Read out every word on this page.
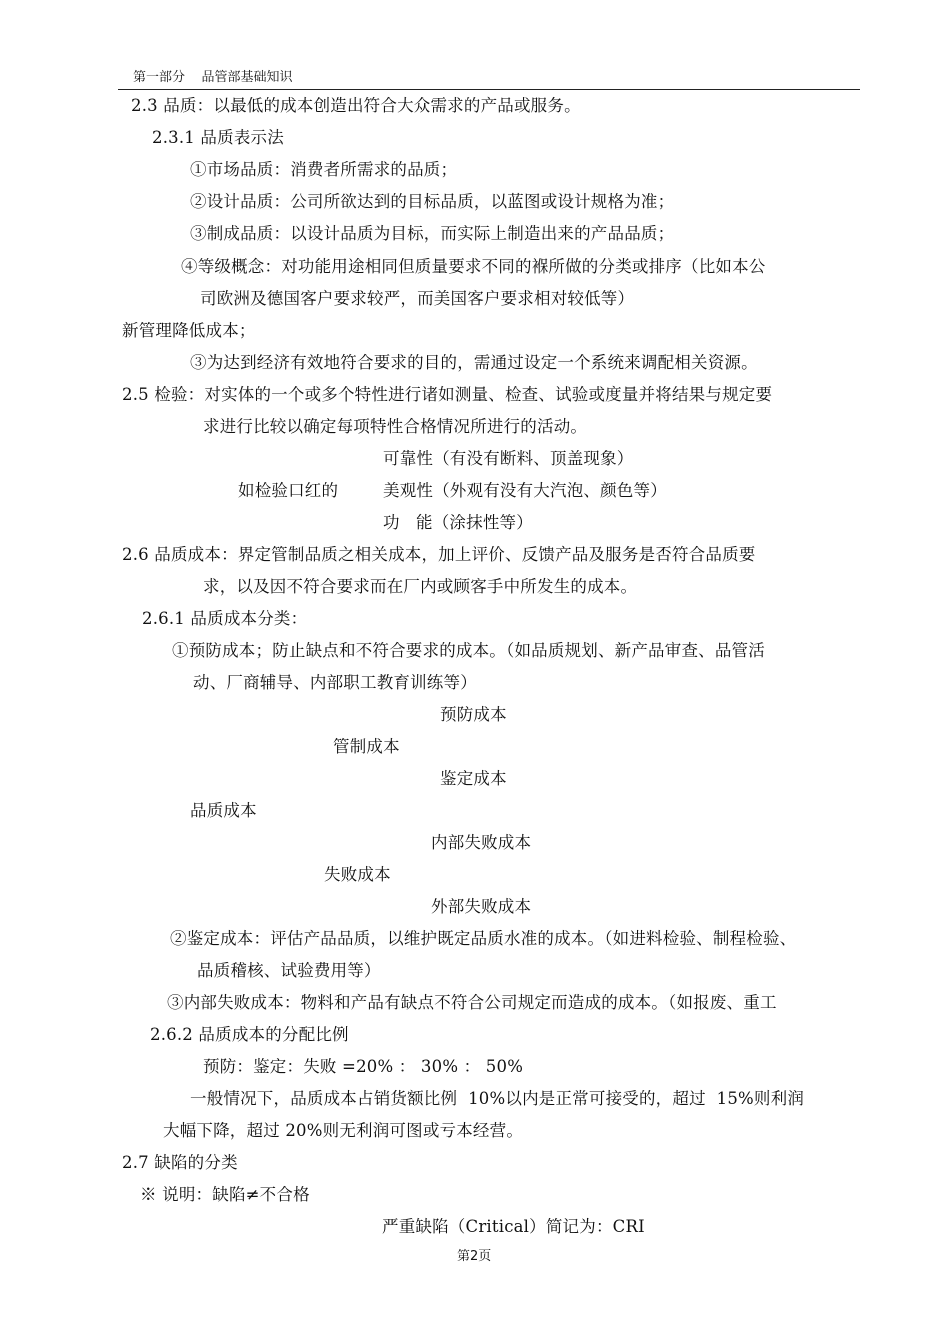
第一部分    品管部基础知识
2.3 品质：以最低的成本创造出符合大众需求的产品或服务。
2.3.1 品质表示法
①市场品质：消费者所需求的品质；
②设计品质：公司所欲达到的目标品质，以蓝图或设计规格为准；
③制成品质：以设计品质为目标，而实际上制造出来的产品品质；
④等级概念：对功能用途相同但质量要求不同的褓所做的分类或排序（比如本公
司欧洲及德国客户要求较严，而美国客户要求相对较低等）
新管理降低成本；
③为达到经济有效地符合要求的目的，需通过设定一个系统来调配相关资源。
2.5 检验：对实体的一个或多个特性进行诸如测量、检查、试验或度量并将结果与规定要
求进行比较以确定每项特性合格情况所进行的活动。
可靠性（有没有断料、顶盖现象）
如检验口红的	美观性（外观有没有大汽泡、颜色等）
功   能（涂抹性等）
2.6 品质成本：界定管制品质之相关成本，加上评价、反馈产品及服务是否符合品质要
求，以及因不符合要求而在厂内或顾客手中所发生的成本。
2.6.1 品质成本分类：
①预防成本；防止缺点和不符合要求的成本。（如品质规划、新产品审查、品管活
动、厂商辅导、内部职工教育训练等）
预防成本
管制成本
鉴定成本
品质成本
内部失败成本
失败成本
外部失败成本
②鉴定成本：评估产品品质，以维护既定品质水准的成本。（如进料检验、制程检验、
品质稽核、试验费用等）
③内部失败成本：物料和产品有缺点不符合公司规定而造成的成本。（如报废、重工
2.6.2 品质成本的分配比例
预防：鉴定：失败 =20% ： 30% ： 50%
一般情况下，品质成本占销货额比例  10%以内是正常可接受的，超过  15%则利润
大幅下降，超过 20%则无利润可图或亏本经营。
2.7 缺陷的分类
※ 说明：缺陷≠不合格
严重缺陷（Critical）简记为：CRI
第2页
